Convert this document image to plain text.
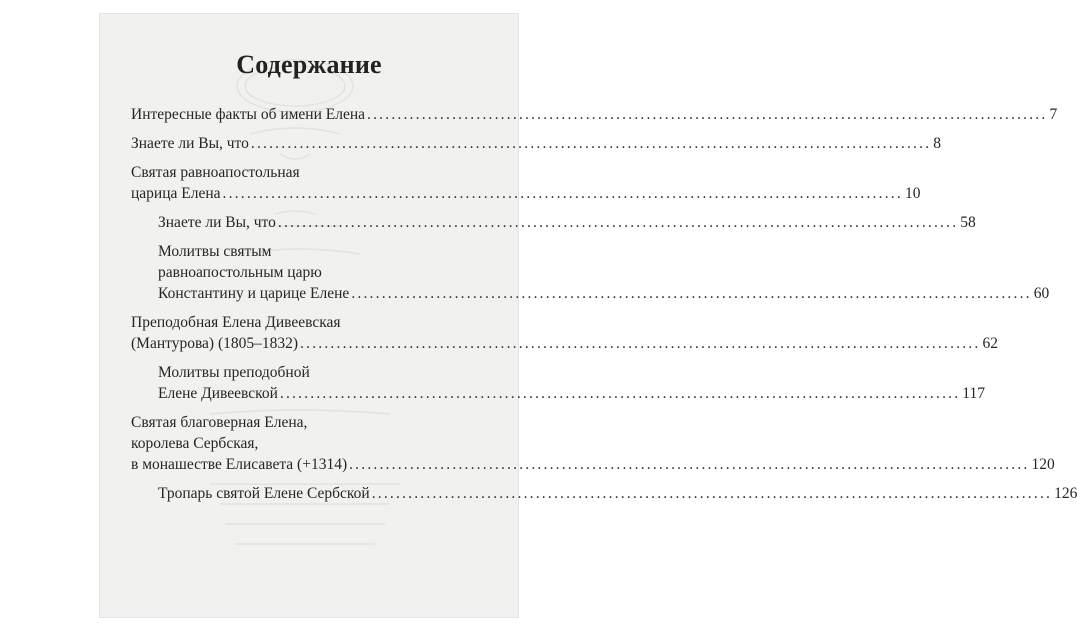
Содержание
Интересные факты об имени Елена ................................................................................................................ 7
Знаете ли Вы, что ................................................................................................................ 8
Святая равноапостольная
царица Елена ................................................................................................................ 10
Знаете ли Вы, что ................................................................................................................ 58
Молитвы святым
равноапостольным царю
Константину и царице Елене ................................................................................................................ 60
Преподобная Елена Дивеевская
(Мантурова) (1805–1832) ................................................................................................................ 62
Молитвы преподобной
Елене Дивеевской ................................................................................................................ 117
Святая благоверная Елена,
королева Сербская,
в монашестве Елисавета (+1314) ................................................................................................................ 120
Тропарь святой Елене Сербской ................................................................................................................ 126
